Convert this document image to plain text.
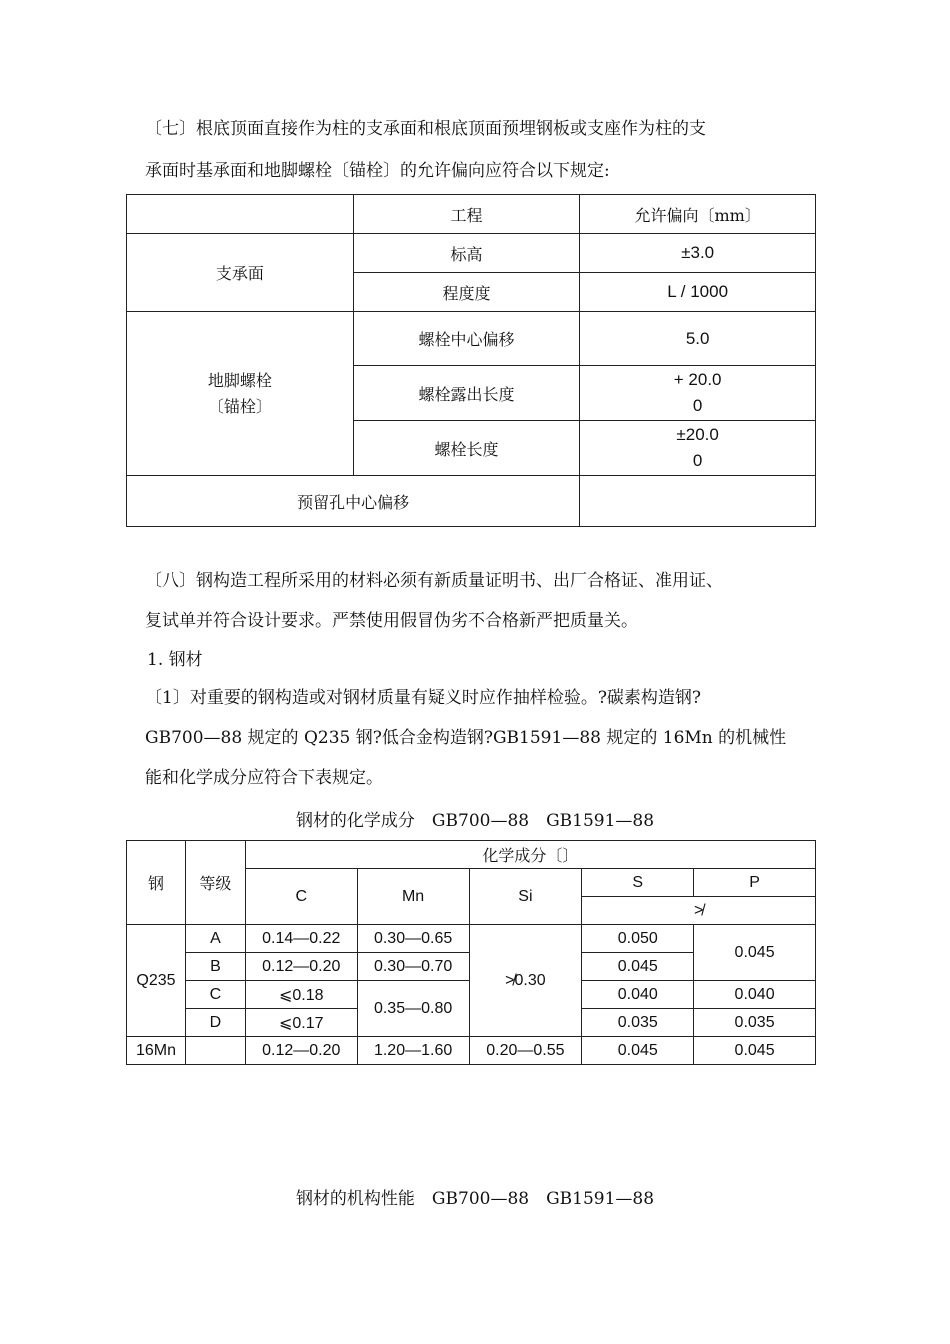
〔七〕根底顶面直接作为柱的支承面和根底顶面预埋钢板或支座作为柱的支
承面时基承面和地脚螺栓〔锚栓〕的允许偏向应符合以下规定:
	工程	允许偏向〔mm〕
支承面	标高	±3.0
	程度度	L / 1000

地脚螺栓
〔锚栓〕	螺栓中心偏移	5.0
	螺栓露出长度	+ 20.0
0

	螺栓长度	±20.0
0

预留孔中心偏移		
〔八〕钢构造工程所采用的材料必须有新质量证明书、出厂合格证、准用证、
复试单并符合设计要求。严禁使用假冒伪劣不合格新严把质量关。
1. 钢材
〔1〕对重要的钢构造或对钢材质量有疑义时应作抽样检验。?碳素构造钢?
GB700—88 规定的 Q235 钢?低合金构造钢?GB1591—88 规定的 16Mn 的机械性
能和化学成分应符合下表规定。
钢材的化学成分　GB700—88　GB1591—88
钢	等级	化学成分〔〕				
		C	Mn	Si	S	P
					≯	
Q235	A	0.14—0.22	0.30—0.65	≯0.30	0.050	0.045
	B	0.12—0.20	0.30—0.70		0.045	
	C	⩽0.18	0.35—0.80		0.040	0.040
	D	⩽0.17			0.035	0.035
16Mn		0.12—0.20	1.20—1.60	0.20—0.55	0.045	0.045
钢材的机构性能　GB700—88　GB1591—88
